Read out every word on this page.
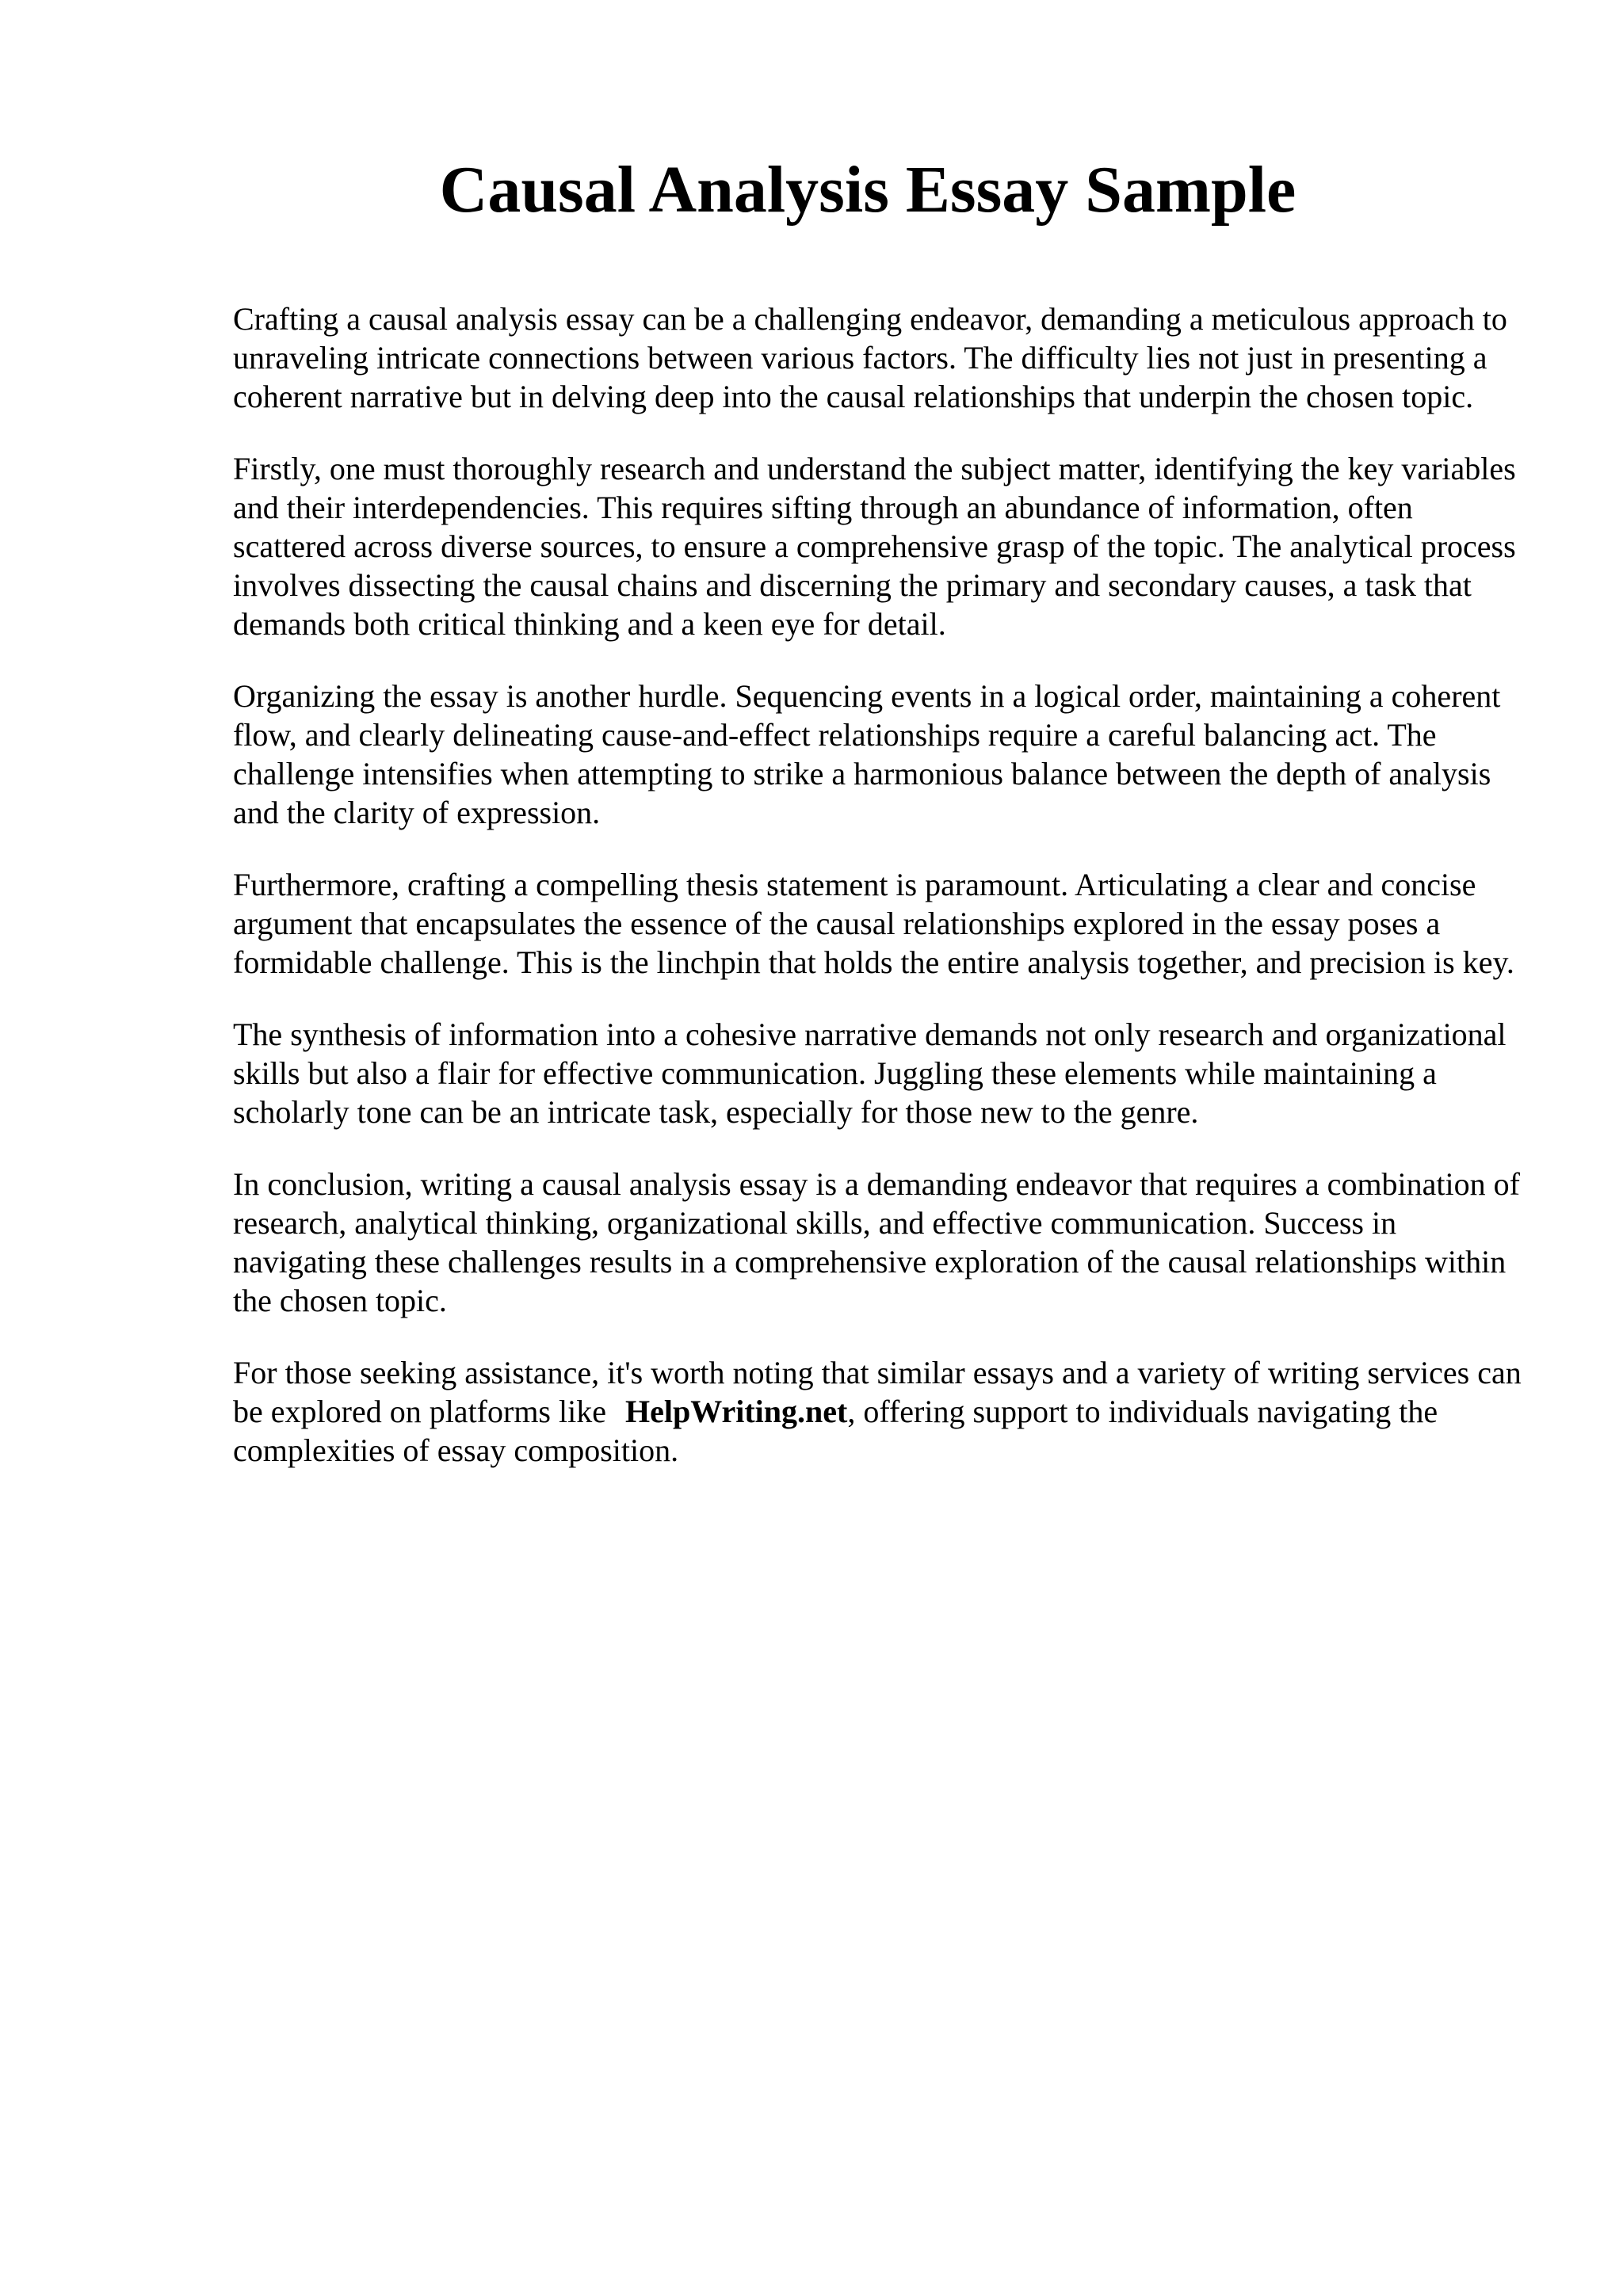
Causal Analysis Essay Sample

Crafting a causal analysis essay can be a challenging endeavor, demanding a meticulous approach to unraveling intricate connections between various factors. The difficulty lies not just in presenting a coherent narrative but in delving deep into the causal relationships that underpin the chosen topic.

Firstly, one must thoroughly research and understand the subject matter, identifying the key variables and their interdependencies. This requires sifting through an abundance of information, often scattered across diverse sources, to ensure a comprehensive grasp of the topic. The analytical process involves dissecting the causal chains and discerning the primary and secondary causes, a task that demands both critical thinking and a keen eye for detail.

Organizing the essay is another hurdle. Sequencing events in a logical order, maintaining a coherent flow, and clearly delineating cause-and-effect relationships require a careful balancing act. The challenge intensifies when attempting to strike a harmonious balance between the depth of analysis and the clarity of expression.

Furthermore, crafting a compelling thesis statement is paramount. Articulating a clear and concise argument that encapsulates the essence of the causal relationships explored in the essay poses a formidable challenge. This is the linchpin that holds the entire analysis together, and precision is key.

The synthesis of information into a cohesive narrative demands not only research and organizational skills but also a flair for effective communication. Juggling these elements while maintaining a scholarly tone can be an intricate task, especially for those new to the genre.

In conclusion, writing a causal analysis essay is a demanding endeavor that requires a combination of research, analytical thinking, organizational skills, and effective communication. Success in navigating these challenges results in a comprehensive exploration of the causal relationships within the chosen topic.

For those seeking assistance, it's worth noting that similar essays and a variety of writing services can be explored on platforms like HelpWriting.net, offering support to individuals navigating the complexities of essay composition.
